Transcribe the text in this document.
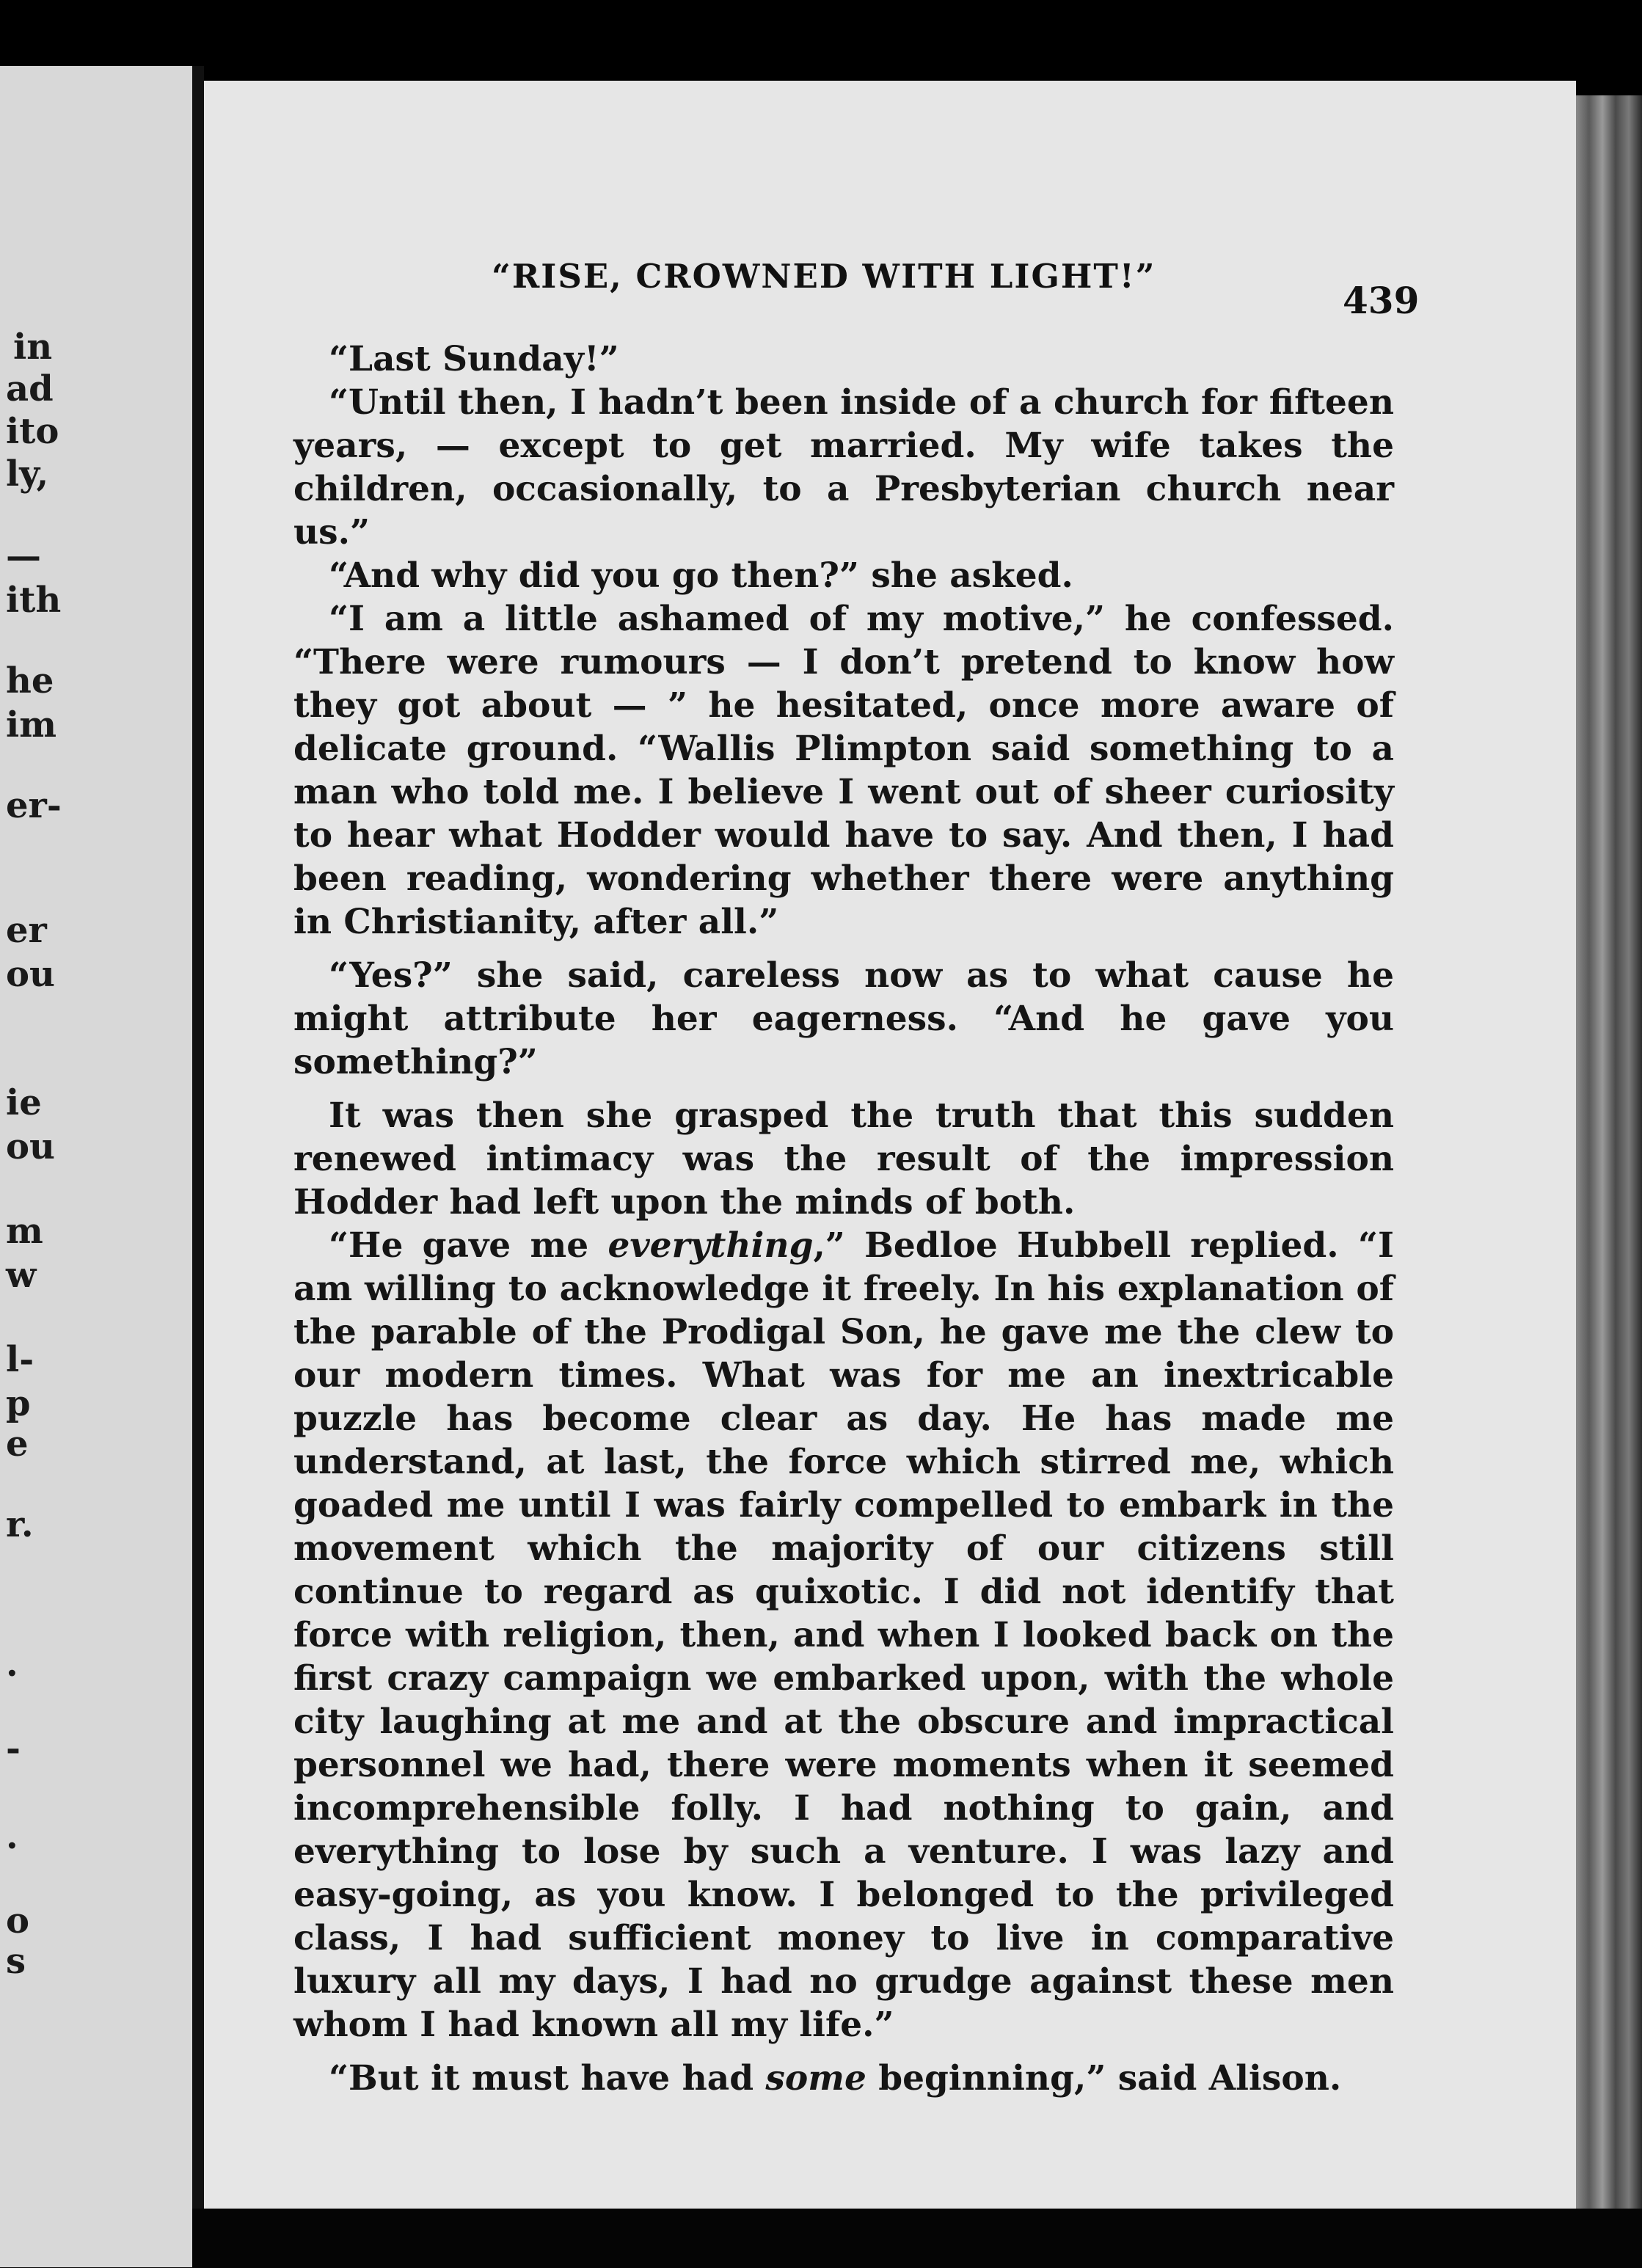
in
ad
ito
ly,
—
ith
he
im
er-
er
ou
ie
ou
m
w
l-
p
e
r.
.
-
.
o
s
“RISE, CROWNED WITH LIGHT!”
439

“Last Sunday!”

“Until then, I hadn’t been inside of a church for fifteen years, — except to get married. My wife takes the children, occasionally, to a Presbyterian church near us.”

“And why did you go then?” she asked.

“I am a little ashamed of my motive,” he confessed. “There were rumours — I don’t pretend to know how they got about — ” he hesitated, once more aware of delicate ground. “Wallis Plimpton said something to a man who told me. I believe I went out of sheer curiosity to hear what Hodder would have to say. And then, I had been reading, wondering whether there were anything in Christianity, after all.”

“Yes?” she said, careless now as to what cause he might attribute her eagerness. “And he gave you something?”

It was then she grasped the truth that this sudden renewed intimacy was the result of the impression Hodder had left upon the minds of both.

“He gave me everything,” Bedloe Hubbell replied. “I am willing to acknowledge it freely. In his explanation of the parable of the Prodigal Son, he gave me the clew to our modern times. What was for me an inextricable puzzle has become clear as day. He has made me understand, at last, the force which stirred me, which goaded me until I was fairly compelled to embark in the movement which the majority of our citizens still continue to regard as quixotic. I did not identify that force with religion, then, and when I looked back on the first crazy campaign we embarked upon, with the whole city laughing at me and at the obscure and impractical personnel we had, there were moments when it seemed incomprehensible folly. I had nothing to gain, and everything to lose by such a venture. I was lazy and easy-going, as you know. I belonged to the privileged class, I had sufficient money to live in comparative luxury all my days, I had no grudge against these men whom I had known all my life.”

“But it must have had some beginning,” said Alison.
